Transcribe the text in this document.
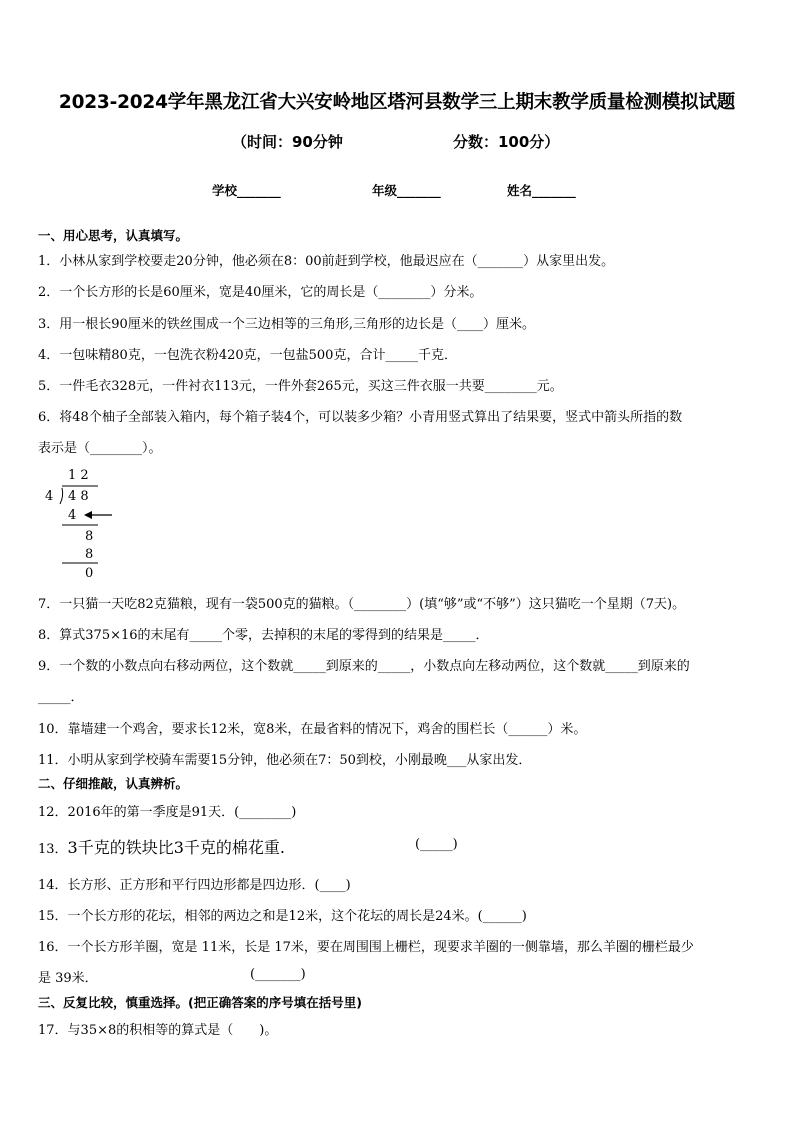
2023-2024学年黑龙江省大兴安岭地区塔河县数学三上期末教学质量检测模拟试题
（时间：90分钟	分数：100分）
学校_______	年级_______	姓名_______
一、用心思考，认真填写。
1．小林从家到学校要走20分钟，他必须在8：00前赶到学校，他最迟应在（_______）从家里出发。
2．一个长方形的长是60厘米，宽是40厘米，它的周长是（________）分米。
3．用一根长90厘米的铁丝围成一个三边相等的三角形,三角形的边长是（____）厘米。
4．一包味精80克，一包洗衣粉420克，一包盐500克，合计_____千克．
5．一件毛衣328元，一件衬衣113元，一件外套265元，买这三件衣服一共要________元。
6．将48个柚子全部装入箱内，每个箱子装4个，可以装多少箱？小青用竖式算出了结果要，竖式中箭头所指的数
表示是（________）。
1 2
4 4 8
4
8
8
0
7．一只猫一天吃82克猫粮，现有一袋500克的猫粮。（________）(填“够”或“不够”）这只猫吃一个星期（7天)。
8．算式375×16的末尾有_____个零，去掉积的末尾的零得到的结果是_____．
9．一个数的小数点向右移动两位，这个数就_____到原来的_____，小数点向左移动两位，这个数就_____到原来的
_____．
10．靠墙建一个鸡舍，要求长12米，宽8米，在最省料的情况下，鸡舍的围栏长（______）米。
11．小明从家到学校骑车需要15分钟，他必须在7：50到校，小刚最晚___从家出发．
二、仔细推敲，认真辨析。
12．2016年的第一季度是91天．(________)
13．3千克的铁块比3千克的棉花重.	(_____)
14．长方形、正方形和平行四边形都是四边形．(____)
15．一个长方形的花坛，相邻的两边之和是12米，这个花坛的周长是24米。(______)
16．一个长方形羊圈，宽是 11米，长是 17米，要在周围围上栅栏，现要求羊圈的一侧靠墙，那么羊圈的栅栏最少
是 39米．	(_______)
三、反复比较，慎重选择。(把正确答案的序号填在括号里)
17．与35×8的积相等的算式是（　　)。
